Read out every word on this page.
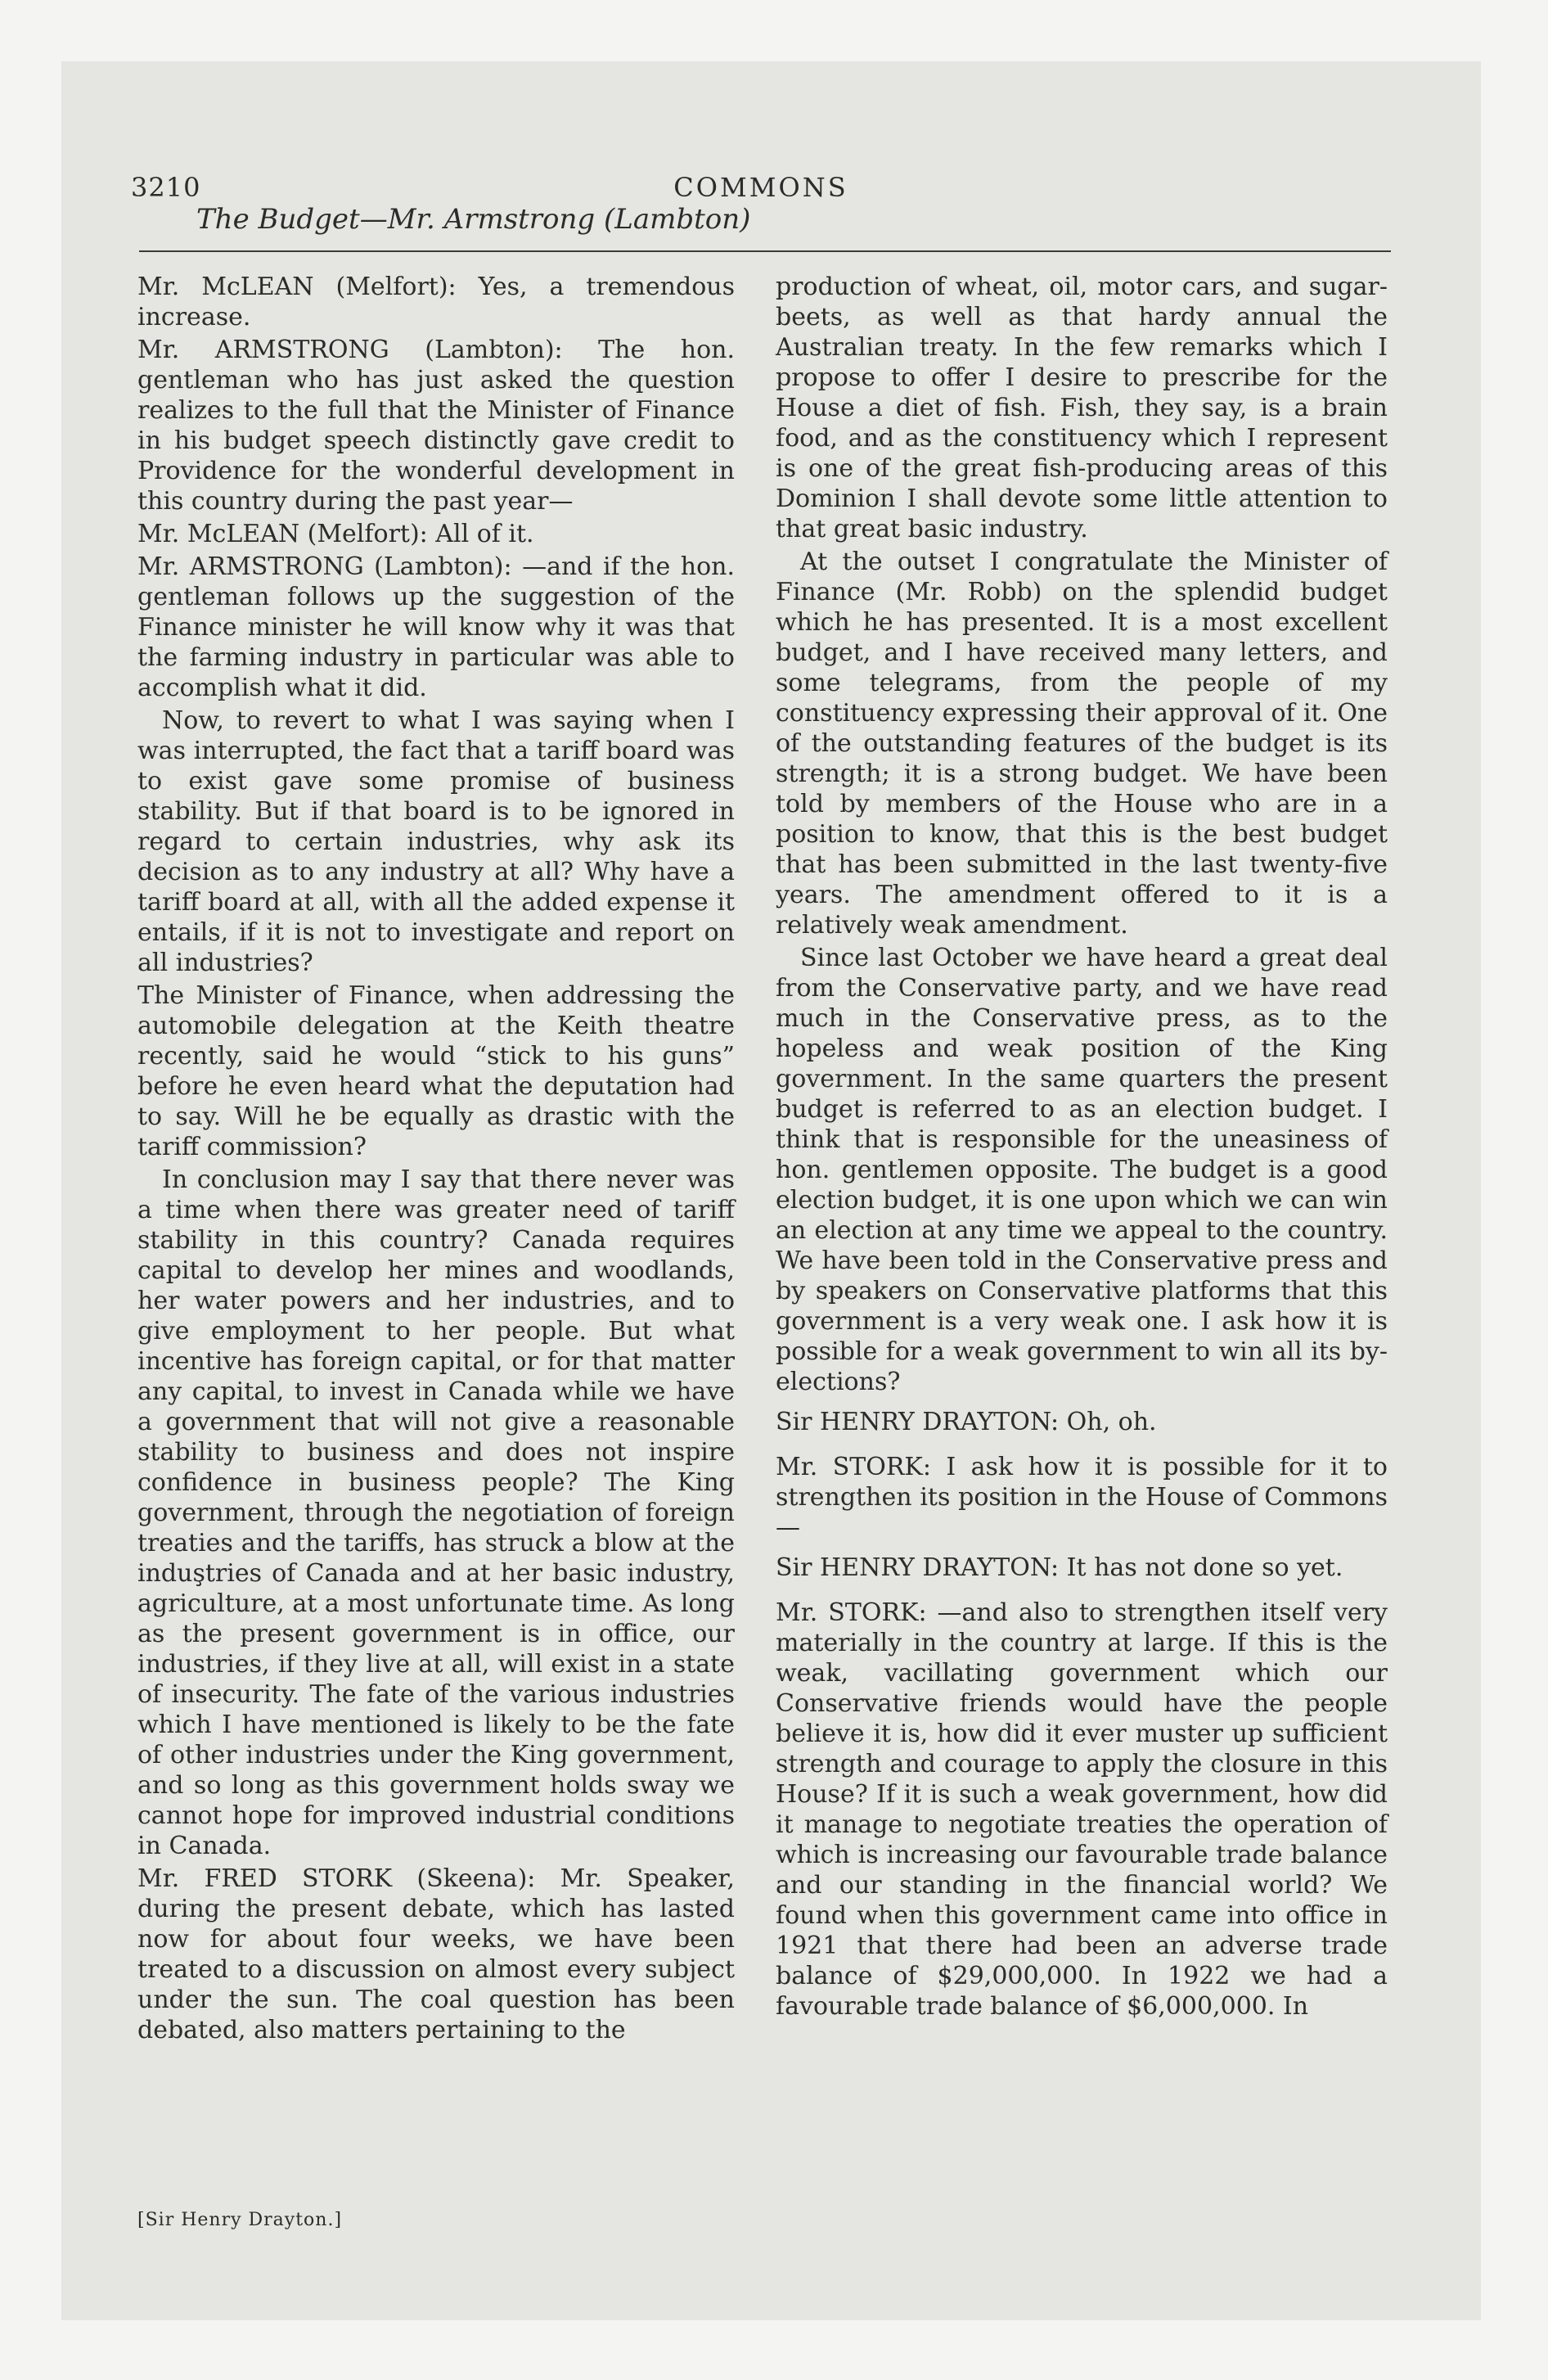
3210	COMMONS
The Budget—Mr. Armstrong (Lambton)

Mr. McLEAN (Melfort): Yes, a tremendous increase.

Mr. ARMSTRONG (Lambton): The hon. gentleman who has just asked the question realizes to the full that the Minister of Finance in his budget speech distinctly gave credit to Providence for the wonderful development in this country during the past year—

Mr. McLEAN (Melfort): All of it.

Mr. ARMSTRONG (Lambton): —and if the hon. gentleman follows up the suggestion of the Finance minister he will know why it was that the farming industry in particular was able to accomplish what it did.

Now, to revert to what I was saying when I was interrupted, the fact that a tariff board was to exist gave some promise of business stability. But if that board is to be ignored in regard to certain industries, why ask its decision as to any industry at all? Why have a tariff board at all, with all the added expense it entails, if it is not to investigate and report on all industries?

The Minister of Finance, when addressing the automobile delegation at the Keith theatre recently, said he would “stick to his guns” before he even heard what the deputation had to say. Will he be equally as drastic with the tariff commission?

In conclusion may I say that there never was a time when there was greater need of tariff stability in this country? Canada requires capital to develop her mines and woodlands, her water powers and her industries, and to give employment to her people. But what incentive has foreign capital, or for that matter any capital, to invest in Canada while we have a government that will not give a reasonable stability to business and does not inspire confidence in business people? The King government, through the negotiation of foreign treaties and the tariffs, has struck a blow at the induştries of Canada and at her basic industry, agriculture, at a most unfortunate time. As long as the present government is in office, our industries, if they live at all, will exist in a state of insecurity. The fate of the various industries which I have mentioned is likely to be the fate of other industries under the King government, and so long as this government holds sway we cannot hope for improved industrial conditions in Canada.

Mr. FRED STORK (Skeena): Mr. Speaker, during the present debate, which has lasted now for about four weeks, we have been treated to a discussion on almost every subject under the sun. The coal question has been debated, also matters pertaining to the

production of wheat, oil, motor cars, and sugar-beets, as well as that hardy annual the Australian treaty. In the few remarks which I propose to offer I desire to prescribe for the House a diet of fish. Fish, they say, is a brain food, and as the constituency which I represent is one of the great fish-producing areas of this Dominion I shall devote some little attention to that great basic industry.

At the outset I congratulate the Minister of Finance (Mr. Robb) on the splendid budget which he has presented. It is a most excellent budget, and I have received many letters, and some telegrams, from the people of my constituency expressing their approval of it. One of the outstanding features of the budget is its strength; it is a strong budget. We have been told by members of the House who are in a position to know, that this is the best budget that has been submitted in the last twenty-five years. The amendment offered to it is a relatively weak amendment.

Since last October we have heard a great deal from the Conservative party, and we have read much in the Conservative press, as to the hopeless and weak position of the King government. In the same quarters the present budget is referred to as an election budget. I think that is responsible for the uneasiness of hon. gentlemen opposite. The budget is a good election budget, it is one upon which we can win an election at any time we appeal to the country. We have been told in the Conservative press and by speakers on Conservative platforms that this government is a very weak one. I ask how it is possible for a weak government to win all its by-elections?

Sir HENRY DRAYTON: Oh, oh.

Mr. STORK: I ask how it is possible for it to strengthen its position in the House of Commons—

Sir HENRY DRAYTON: It has not done so yet.

Mr. STORK: —and also to strengthen itself very materially in the country at large. If this is the weak, vacillating government which our Conservative friends would have the people believe it is, how did it ever muster up sufficient strength and courage to apply the closure in this House? If it is such a weak government, how did it manage to negotiate treaties the operation of which is increasing our favourable trade balance and our standing in the financial world? We found when this government came into office in 1921 that there had been an adverse trade balance of $29,000,000. In 1922 we had a favourable trade balance of $6,000,000. In

[Sir Henry Drayton.]
